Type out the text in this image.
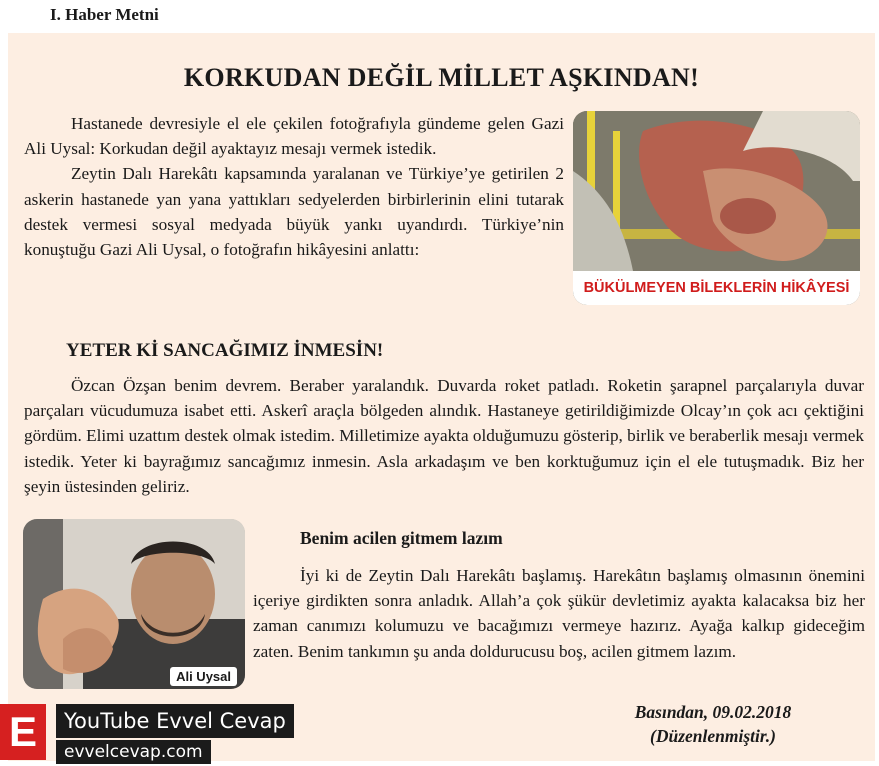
I. Haber Metni
KORKUDAN DEĞİL MİLLET AŞKINDAN!
Hastanede devresiyle el ele çekilen fotoğrafıyla gündeme gelen Gazi Ali Uysal: Korkudan değil ayaktayız mesajı vermek istedik.
Zeytin Dalı Harekâtı kapsamında yaralanan ve Türkiye’ye getirilen 2 askerin hastanede yan yana yattıkları sedyelerden birbirlerinin elini tutarak destek vermesi sosyal medyada büyük yankı uyandırdı. Türkiye’nin konuştuğu Gazi Ali Uysal, o fotoğrafın hikâyesini anlattı:
BÜKÜLMEYEN BİLEKLERİN HİKÂYESİ
YETER Kİ SANCAĞIMIZ İNMESİN!
Özcan Özşan benim devrem. Beraber yaralandık. Duvarda roket patladı. Roketin şarapnel parçalarıyla duvar parçaları vücudumuza isabet etti. Askerî araçla bölgeden alındık. Hastaneye getirildiğimizde Olcay’ın çok acı çektiğini gördüm. Elimi uzattım destek olmak istedim. Milletimize ayakta olduğumuzu gösterip, birlik ve beraberlik mesajı vermek istedik. Yeter ki bayrağımız sancağımız inmesin. Asla arkadaşım ve ben korktuğumuz için el ele tutuşmadık. Biz her şeyin üstesinden geliriz.
Ali Uysal
Benim acilen gitmem lazım
İyi ki de Zeytin Dalı Harekâtı başlamış. Harekâtın başlamış olmasının önemini içeriye girdikten sonra anladık. Allah’a çok şükür devletimiz ayakta kalacaksa biz her zaman canımızı kolumuzu ve bacağımızı vermeye hazırız. Ayağa kalkıp gideceğim zaten. Benim tankımın şu anda doldurucusu boş, acilen gitmem lazım.
Basından, 09.02.2018
(Düzenlenmiştir.)
E	YouTube Evvel Cevap
evvelcevap.com
